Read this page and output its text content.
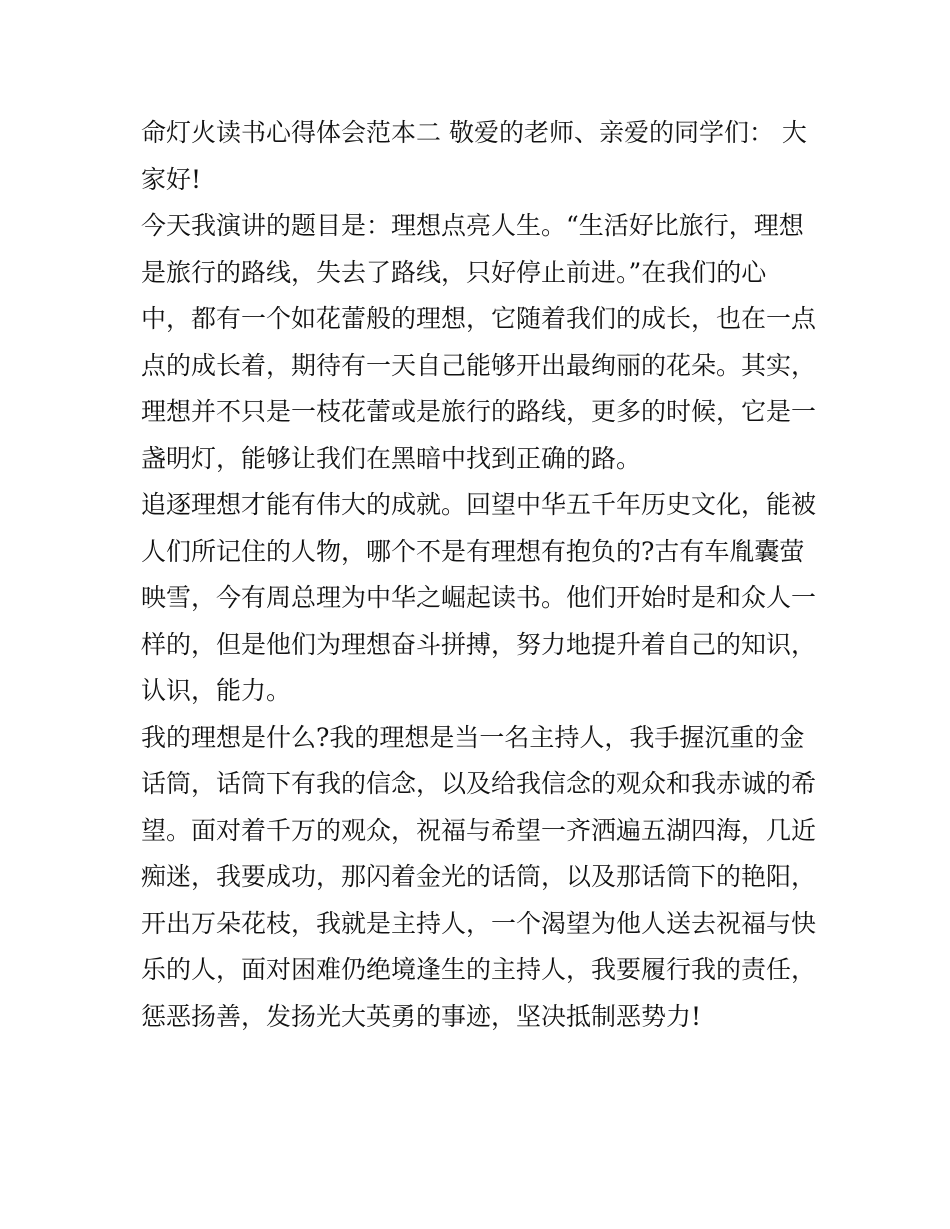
命灯火读书心得体会范本二 敬爱的老师、亲爱的同学们： 大
家好!
今天我演讲的题目是：理想点亮人生。“生活好比旅行，理想
是旅行的路线，失去了路线，只好停止前进。”在我们的心
中，都有一个如花蕾般的理想，它随着我们的成长，也在一点
点的成长着，期待有一天自己能够开出最绚丽的花朵。其实，
理想并不只是一枝花蕾或是旅行的路线，更多的时候，它是一
盏明灯，能够让我们在黑暗中找到正确的路。
追逐理想才能有伟大的成就。回望中华五千年历史文化，能被
人们所记住的人物，哪个不是有理想有抱负的?古有车胤囊萤
映雪，今有周总理为中华之崛起读书。他们开始时是和众人一
样的，但是他们为理想奋斗拼搏，努力地提升着自己的知识，
认识，能力。
我的理想是什么?我的理想是当一名主持人，我手握沉重的金
话筒，话筒下有我的信念，以及给我信念的观众和我赤诚的希
望。面对着千万的观众，祝福与希望一齐洒遍五湖四海，几近
痴迷，我要成功，那闪着金光的话筒，以及那话筒下的艳阳，
开出万朵花枝，我就是主持人，一个渴望为他人送去祝福与快
乐的人，面对困难仍绝境逢生的主持人，我要履行我的责任，
惩恶扬善，发扬光大英勇的事迹，坚决抵制恶势力!
